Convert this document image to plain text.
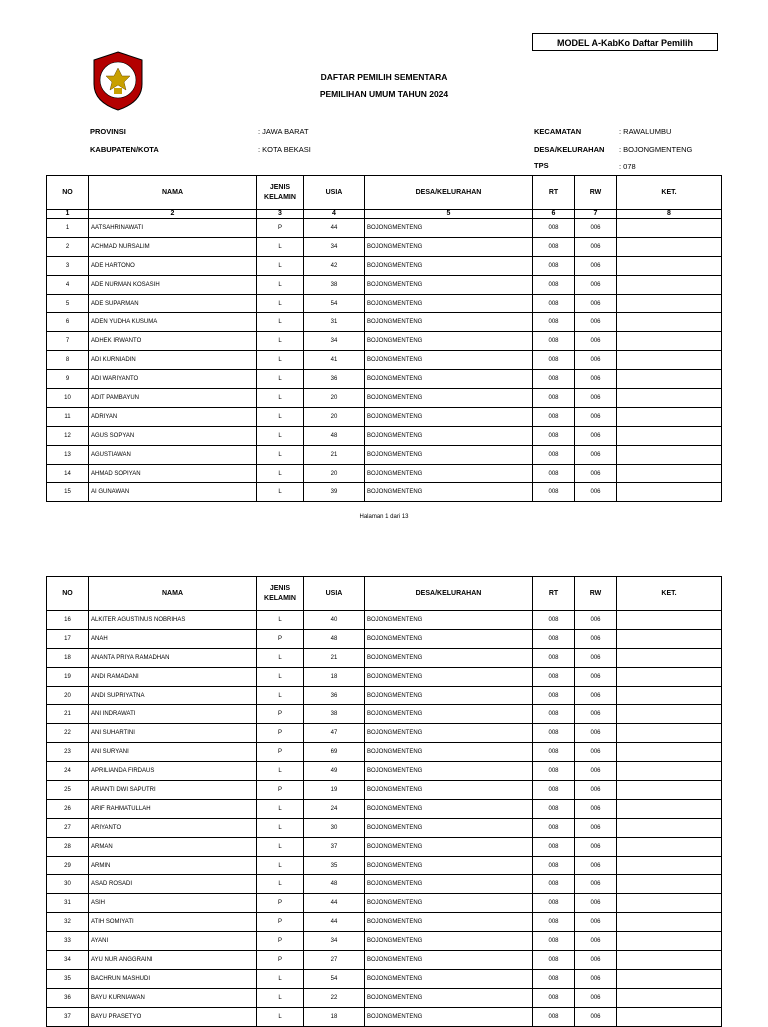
MODEL A-KabKo Daftar Pemilih
DAFTAR PEMILIH SEMENTARA
PEMILIHAN UMUM TAHUN 2024
PROVINSI	: JAWA BARAT
KABUPATEN/KOTA	: KOTA BEKASI
KECAMATAN	: RAWALUMBU
DESA/KELURAHAN : BOJONGMENTENG
TPS	: 078
NO	NAMA	JENIS KELAMIN	USIA	DESA/KELURAHAN	RT	RW	KET.
1	2	3	4	5	6	7	8
1	AATSAHRINAWATI	P	44	BOJONGMENTENG	008	006	
2	ACHMAD NURSALIM	L	34	BOJONGMENTENG	008	006	
3	ADE HARTONO	L	42	BOJONGMENTENG	008	006	
4	ADE NURMAN KOSASIH	L	38	BOJONGMENTENG	008	006	
5	ADE SUPARMAN	L	54	BOJONGMENTENG	008	006	
6	ADEN YUDHA KUSUMA	L	31	BOJONGMENTENG	008	006	
7	ADHEK IRWANTO	L	34	BOJONGMENTENG	008	006	
8	ADI KURNIADIN	L	41	BOJONGMENTENG	008	006	
9	ADI WARIYANTO	L	36	BOJONGMENTENG	008	006	
10	ADIT PAMBAYUN	L	20	BOJONGMENTENG	008	006	
11	ADRIYAN	L	20	BOJONGMENTENG	008	006	
12	AGUS SOPYAN	L	48	BOJONGMENTENG	008	006	
13	AGUSTIAWAN	L	21	BOJONGMENTENG	008	006	
14	AHMAD SOPIYAN	L	20	BOJONGMENTENG	008	006	
15	AI GUNAWAN	L	39	BOJONGMENTENG	008	006	
Halaman 1 dari 13
NO	NAMA	JENIS KELAMIN	USIA	DESA/KELURAHAN	RT	RW	KET.
16	ALKITER AGUSTINUS NOBRIHAS	L	40	BOJONGMENTENG	008	006	
17	ANAH	P	48	BOJONGMENTENG	008	006	
18	ANANTA PRIYA RAMADHAN	L	21	BOJONGMENTENG	008	006	
19	ANDI RAMADANI	L	18	BOJONGMENTENG	008	006	
20	ANDI SUPRIYATNA	L	36	BOJONGMENTENG	008	006	
21	ANI INDRAWATI	P	38	BOJONGMENTENG	008	006	
22	ANI SUHARTINI	P	47	BOJONGMENTENG	008	006	
23	ANI SURYANI	P	69	BOJONGMENTENG	008	006	
24	APRILIANDA FIRDAUS	L	49	BOJONGMENTENG	008	006	
25	ARIANTI DWI SAPUTRI	P	19	BOJONGMENTENG	008	006	
26	ARIF RAHMATULLAH	L	24	BOJONGMENTENG	008	006	
27	ARIYANTO	L	30	BOJONGMENTENG	008	006	
28	ARMAN	L	37	BOJONGMENTENG	008	006	
29	ARMIN	L	35	BOJONGMENTENG	008	006	
30	ASAD ROSADI	L	48	BOJONGMENTENG	008	006	
31	ASIH	P	44	BOJONGMENTENG	008	006	
32	ATIH SOMIYATI	P	44	BOJONGMENTENG	008	006	
33	AYANI	P	34	BOJONGMENTENG	008	006	
34	AYU NUR ANGGRAINI	P	27	BOJONGMENTENG	008	006	
35	BACHRUN MASHUDI	L	54	BOJONGMENTENG	008	006	
36	BAYU KURNIAWAN	L	22	BOJONGMENTENG	008	006	
37	BAYU PRASETYO	L	18	BOJONGMENTENG	008	006	
